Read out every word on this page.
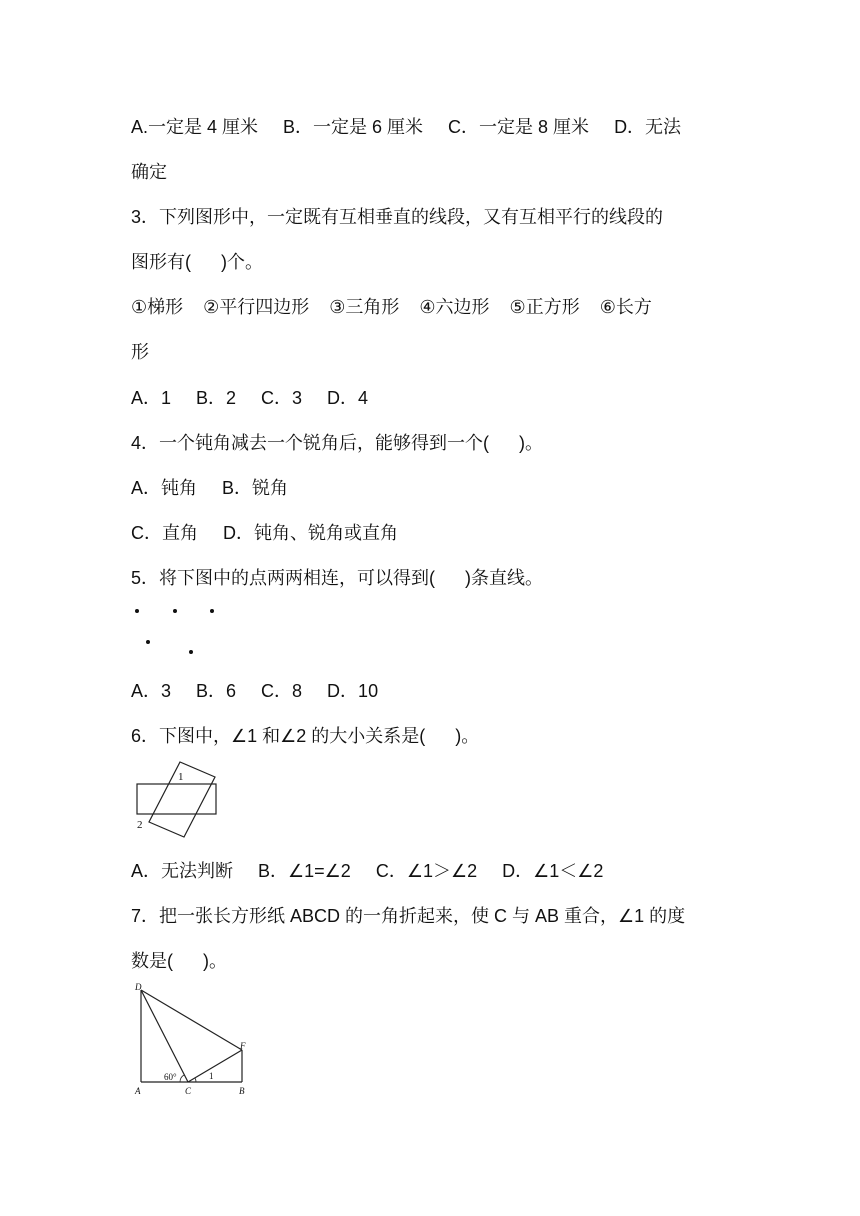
A.一定是 4 厘米     B．一定是 6 厘米     C．一定是 8 厘米     D．无法
确定
3．下列图形中，一定既有互相垂直的线段，又有互相平行的线段的
图形有(      )个。
①梯形    ②平行四边形    ③三角形    ④六边形    ⑤正方形    ⑥长方
形
A．1     B．2     C．3     D．4
4．一个钝角减去一个锐角后，能够得到一个(      )。
A．钝角     B．锐角
C．直角     D．钝角、锐角或直角
5．将下图中的点两两相连，可以得到(      )条直线。
A．3     B．6     C．8     D．10
6．下图中，∠1 和∠2 的大小关系是(      )。
1
2
A．无法判断     B．∠1=∠2     C．∠1＞∠2     D．∠1＜∠2
7．把一张长方形纸 ABCD 的一角折起来，使 C 与 AB 重合，∠1 的度
数是(      )。
D
F
A	C	B
60°	1
